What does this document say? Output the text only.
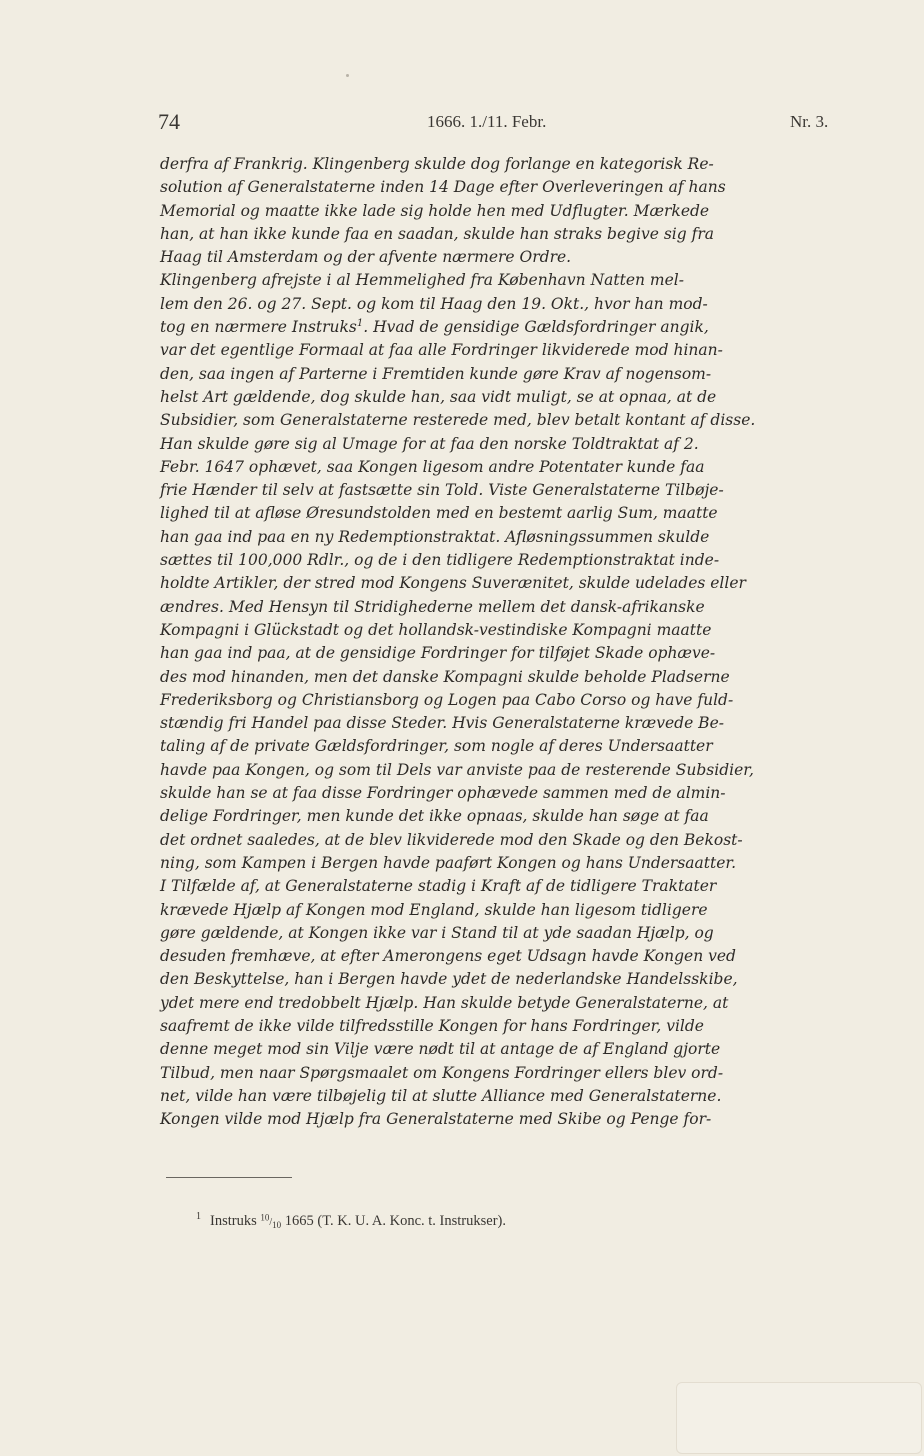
74	1666. 1./11. Febr.	Nr. 3.
derfra af Frankrig. Klingenberg skulde dog forlange en kategorisk Re-
solution af Generalstaterne inden 14 Dage efter Overleveringen af hans
Memorial og maatte ikke lade sig holde hen med Udflugter. Mærkede
han, at han ikke kunde faa en saadan, skulde han straks begive sig fra
Haag til Amsterdam og der afvente nærmere Ordre.
Klingenberg afrejste i al Hemmelighed fra København Natten mel-
lem den 26. og 27. Sept. og kom til Haag den 19. Okt., hvor han mod-
tog en nærmere Instruks$^1$. Hvad de gensidige Gældsfordringer angik,
var det egentlige Formaal at faa alle Fordringer likviderede mod hinan-
den, saa ingen af Parterne i Fremtiden kunde gøre Krav af nogensom-
helst Art gældende, dog skulde han, saa vidt muligt, se at opnaa, at de
Subsidier, som Generalstaterne resterede med, blev betalt kontant af disse.
Han skulde gøre sig al Umage for at faa den norske Toldtraktat af 2.
Febr. 1647 ophævet, saa Kongen ligesom andre Potentater kunde faa
frie Hænder til selv at fastsætte sin Told. Viste Generalstaterne Tilbøje-
lighed til at afløse Øresundstolden med en bestemt aarlig Sum, maatte
han gaa ind paa en ny Redemptionstraktat. Afløsningssummen skulde
sættes til 100,000 Rdlr., og de i den tidligere Redemptionstraktat inde-
holdte Artikler, der stred mod Kongens Suverænitet, skulde udelades eller
ændres. Med Hensyn til Stridighederne mellem det dansk-afrikanske
Kompagni i Glückstadt og det hollandsk-vestindiske Kompagni maatte
han gaa ind paa, at de gensidige Fordringer for tilføjet Skade ophæve-
des mod hinanden, men det danske Kompagni skulde beholde Pladserne
Frederiksborg og Christiansborg og Logen paa Cabo Corso og have fuld-
stændig fri Handel paa disse Steder. Hvis Generalstaterne krævede Be-
taling af de private Gældsfordringer, som nogle af deres Undersaatter
havde paa Kongen, og som til Dels var anviste paa de resterende Subsidier,
skulde han se at faa disse Fordringer ophævede sammen med de almin-
delige Fordringer, men kunde det ikke opnaas, skulde han søge at faa
det ordnet saaledes, at de blev likviderede mod den Skade og den Bekost-
ning, som Kampen i Bergen havde paaført Kongen og hans Undersaatter.
I Tilfælde af, at Generalstaterne stadig i Kraft af de tidligere Traktater
krævede Hjælp af Kongen mod England, skulde han ligesom tidligere
gøre gældende, at Kongen ikke var i Stand til at yde saadan Hjælp, og
desuden fremhæve, at efter Amerongens eget Udsagn havde Kongen ved
den Beskyttelse, han i Bergen havde ydet de nederlandske Handelsskibe,
ydet mere end tredobbelt Hjælp. Han skulde betyde Generalstaterne, at
saafremt de ikke vilde tilfredsstille Kongen for hans Fordringer, vilde
denne meget mod sin Vilje være nødt til at antage de af England gjorte
Tilbud, men naar Spørgsmaalet om Kongens Fordringer ellers blev ord-
net, vilde han være tilbøjelig til at slutte Alliance med Generalstaterne.
Kongen vilde mod Hjælp fra Generalstaterne med Skibe og Penge for-
$^1$ Instruks $^{10}/_{10}$ 1665 (T. K. U. A. Konc. t. Instrukser).
